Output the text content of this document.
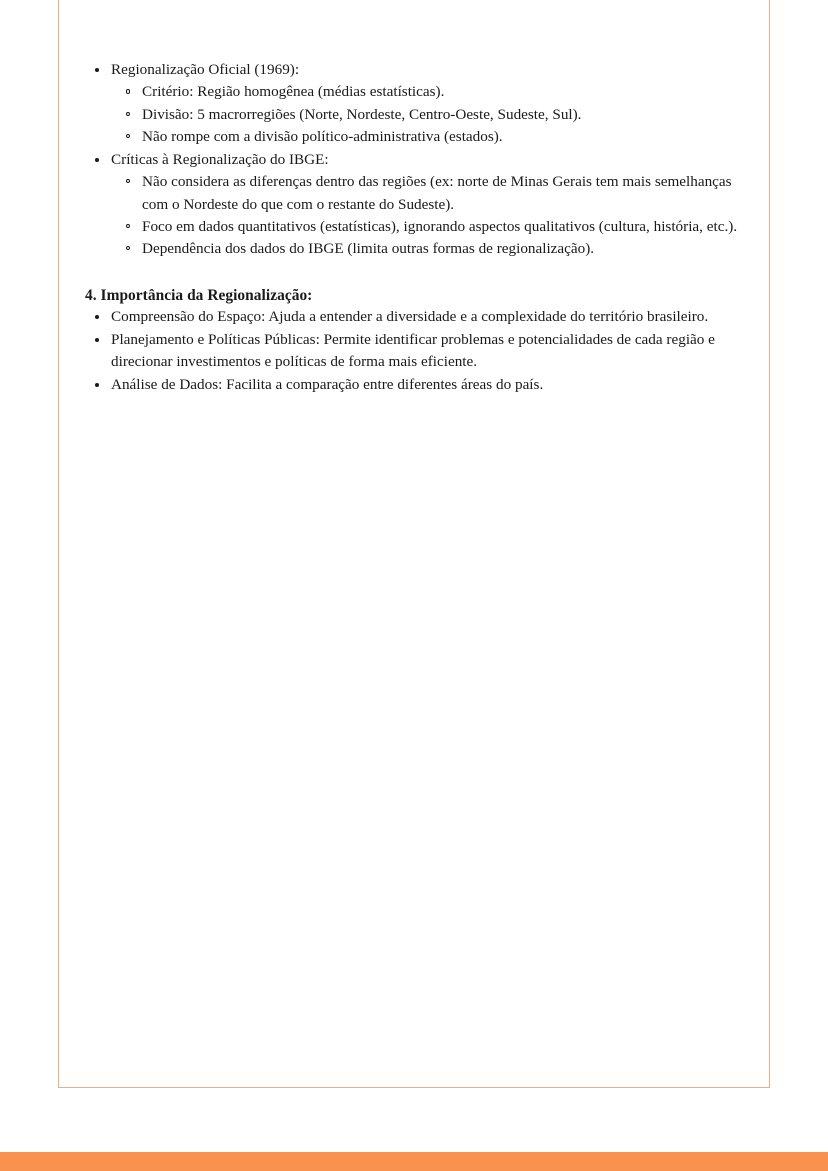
Regionalização Oficial (1969):
Critério: Região homogênea (médias estatísticas).
Divisão: 5 macrorregiões (Norte, Nordeste, Centro-Oeste, Sudeste, Sul).
Não rompe com a divisão político-administrativa (estados).
Críticas à Regionalização do IBGE:
Não considera as diferenças dentro das regiões (ex: norte de Minas Gerais tem mais semelhanças com o Nordeste do que com o restante do Sudeste).
Foco em dados quantitativos (estatísticas), ignorando aspectos qualitativos (cultura, história, etc.).
Dependência dos dados do IBGE (limita outras formas de regionalização).
4. Importância da Regionalização:
Compreensão do Espaço: Ajuda a entender a diversidade e a complexidade do território brasileiro.
Planejamento e Políticas Públicas: Permite identificar problemas e potencialidades de cada região e direcionar investimentos e políticas de forma mais eficiente.
Análise de Dados: Facilita a comparação entre diferentes áreas do país.
